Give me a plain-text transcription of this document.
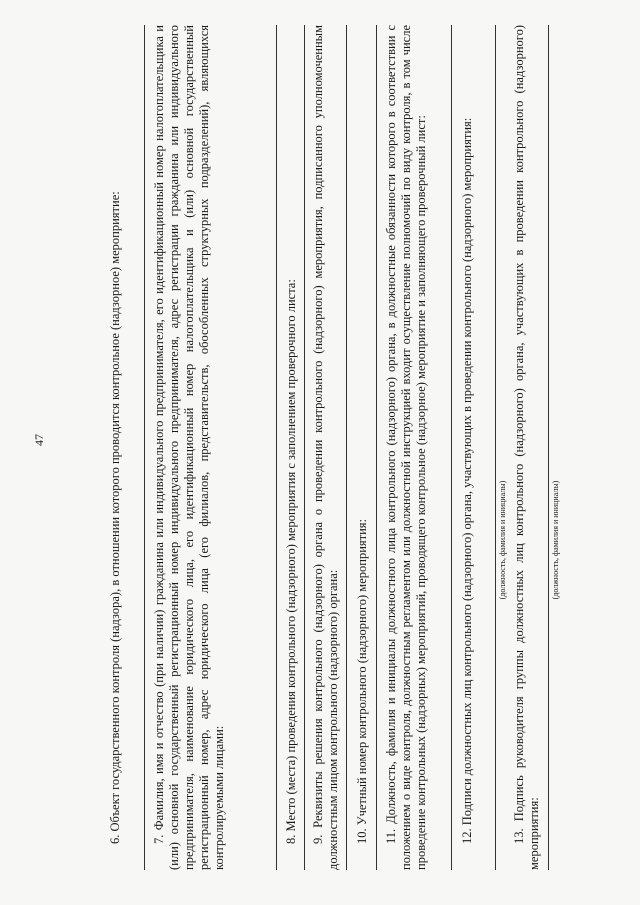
47	6. Объект государственного контроля (надзора), в отношении которого проводится контрольное (надзорное) мероприятие: 7. Фамилия, имя и отчество (при наличии) гражданина или индивидуального предпринимателя, его идентификационный номер налогоплательщика и (или) основной государственный регистрационный номер индивидуального предпринимателя, адрес регистрации гражданина или индивидуального предпринимателя, наименование юридического лица, его идентификационный номер налогоплательщика и (или) основной государственный регистрационный номер, адрес юридического лица (его филиалов, представительств, обособленных структурных подразделений), являющихся контролируемыми лицами:	8. Место (места) проведения контрольного (надзорного) мероприятия с заполнением проверочного листа: 9. Реквизиты решения контрольного (надзорного) органа о проведении контрольного (надзорного) мероприятия, подписанного уполномоченным должностным лицом контрольного (надзорного) органа: 10. Учетный номер контрольного (надзорного) мероприятия: 11. Должность, фамилия и инициалы должностного лица контрольного (надзорного) органа, в должностные обязанности которого в соответствии с положением о виде контроля, должностным регламентом или должностной инструкцией входит осуществление полномочий по виду контроля, в том числе проведение контрольных (надзорных) мероприятий, проводящего контрольное (надзорное) мероприятие и заполняющего проверочный лист:	12. Подписи должностных лиц контрольного (надзорного) органа, участвующих в проведении контрольного (надзорного) мероприятия:	(должность, фамилия и инициалы) 13. Подпись руководителя группы должностных лиц контрольного (надзорного) органа, участвующих в проведении контрольного (надзорного) мероприятия:

(должность, фамилия и инициалы)
